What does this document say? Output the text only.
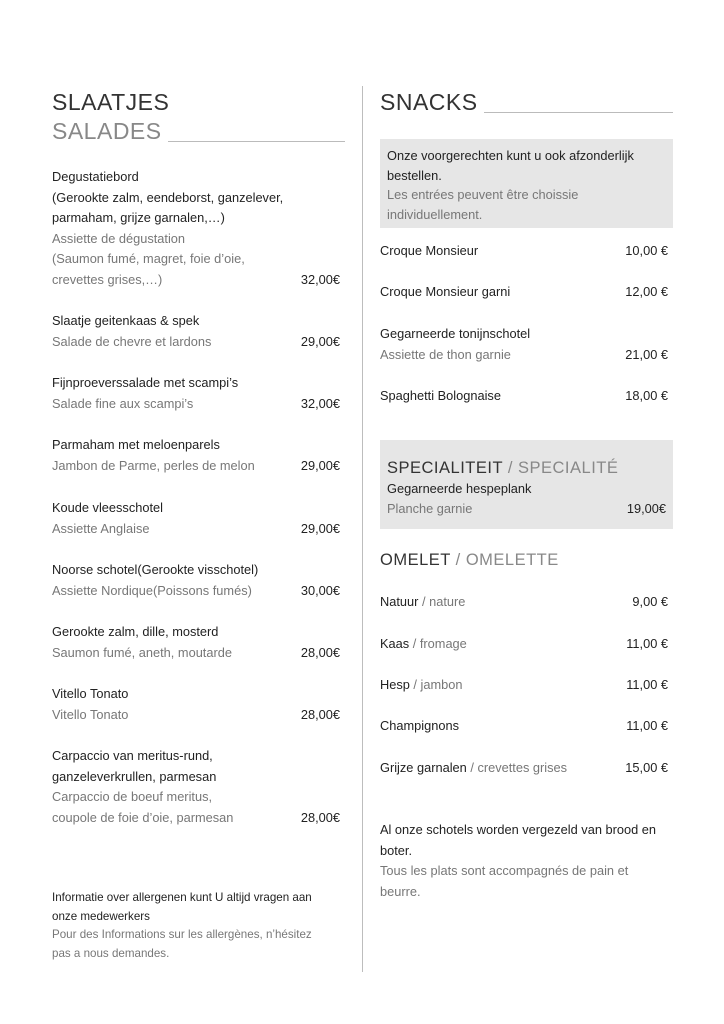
SLAATJES
SALADES
Degustatiebord
(Gerookte zalm, eendeborst, ganzelever,
parmaham, grijze garnalen,…)
Assiette de dégustation
(Saumon fumé, magret, foie d’oie,
crevettes grises,…)	32,00€
Slaatje geitenkaas & spek
Salade de chevre et lardons	29,00€
Fijnproeverssalade met scampi’s
Salade fine aux scampi’s	32,00€
Parmaham met meloenparels
Jambon de Parme, perles de melon	29,00€
Koude vleesschotel
Assiette Anglaise	29,00€
Noorse schotel(Gerookte visschotel)
Assiette Nordique(Poissons fumés)	30,00€
Gerookte zalm, dille, mosterd
Saumon fumé, aneth, moutarde	28,00€
Vitello Tonato
Vitello Tonato	28,00€
Carpaccio van meritus-rund,
ganzeleverkrullen, parmesan
Carpaccio de boeuf meritus,
coupole de foie d’oie, parmesan	28,00€
Informatie over allergenen kunt U altijd vragen aan
onze medewerkers
Pour des Informations sur les allergènes, n’hésitez
pas a nous demandes.
SNACKS
Onze voorgerechten kunt u ook afzonderlijk
bestellen.
Les entrées peuvent être choissie
individuellement.
Croque Monsieur	10,00 €
Croque Monsieur garni	12,00 €
Gegarneerde tonijnschotel
Assiette de thon garnie	21,00 €
Spaghetti Bolognaise	18,00 €
SPECIALITEIT / SPECIALITÉ
Gegarneerde hespeplank
Planche garnie	19,00€
OMELET / OMELETTE
Natuur / nature	9,00 €
Kaas / fromage	11,00 €
Hesp / jambon	11,00 €
Champignons	11,00 €
Grijze garnalen / crevettes grises	15,00 €
Al onze schotels worden vergezeld van brood en
boter.
Tous les plats sont accompagnés de pain et
beurre.
